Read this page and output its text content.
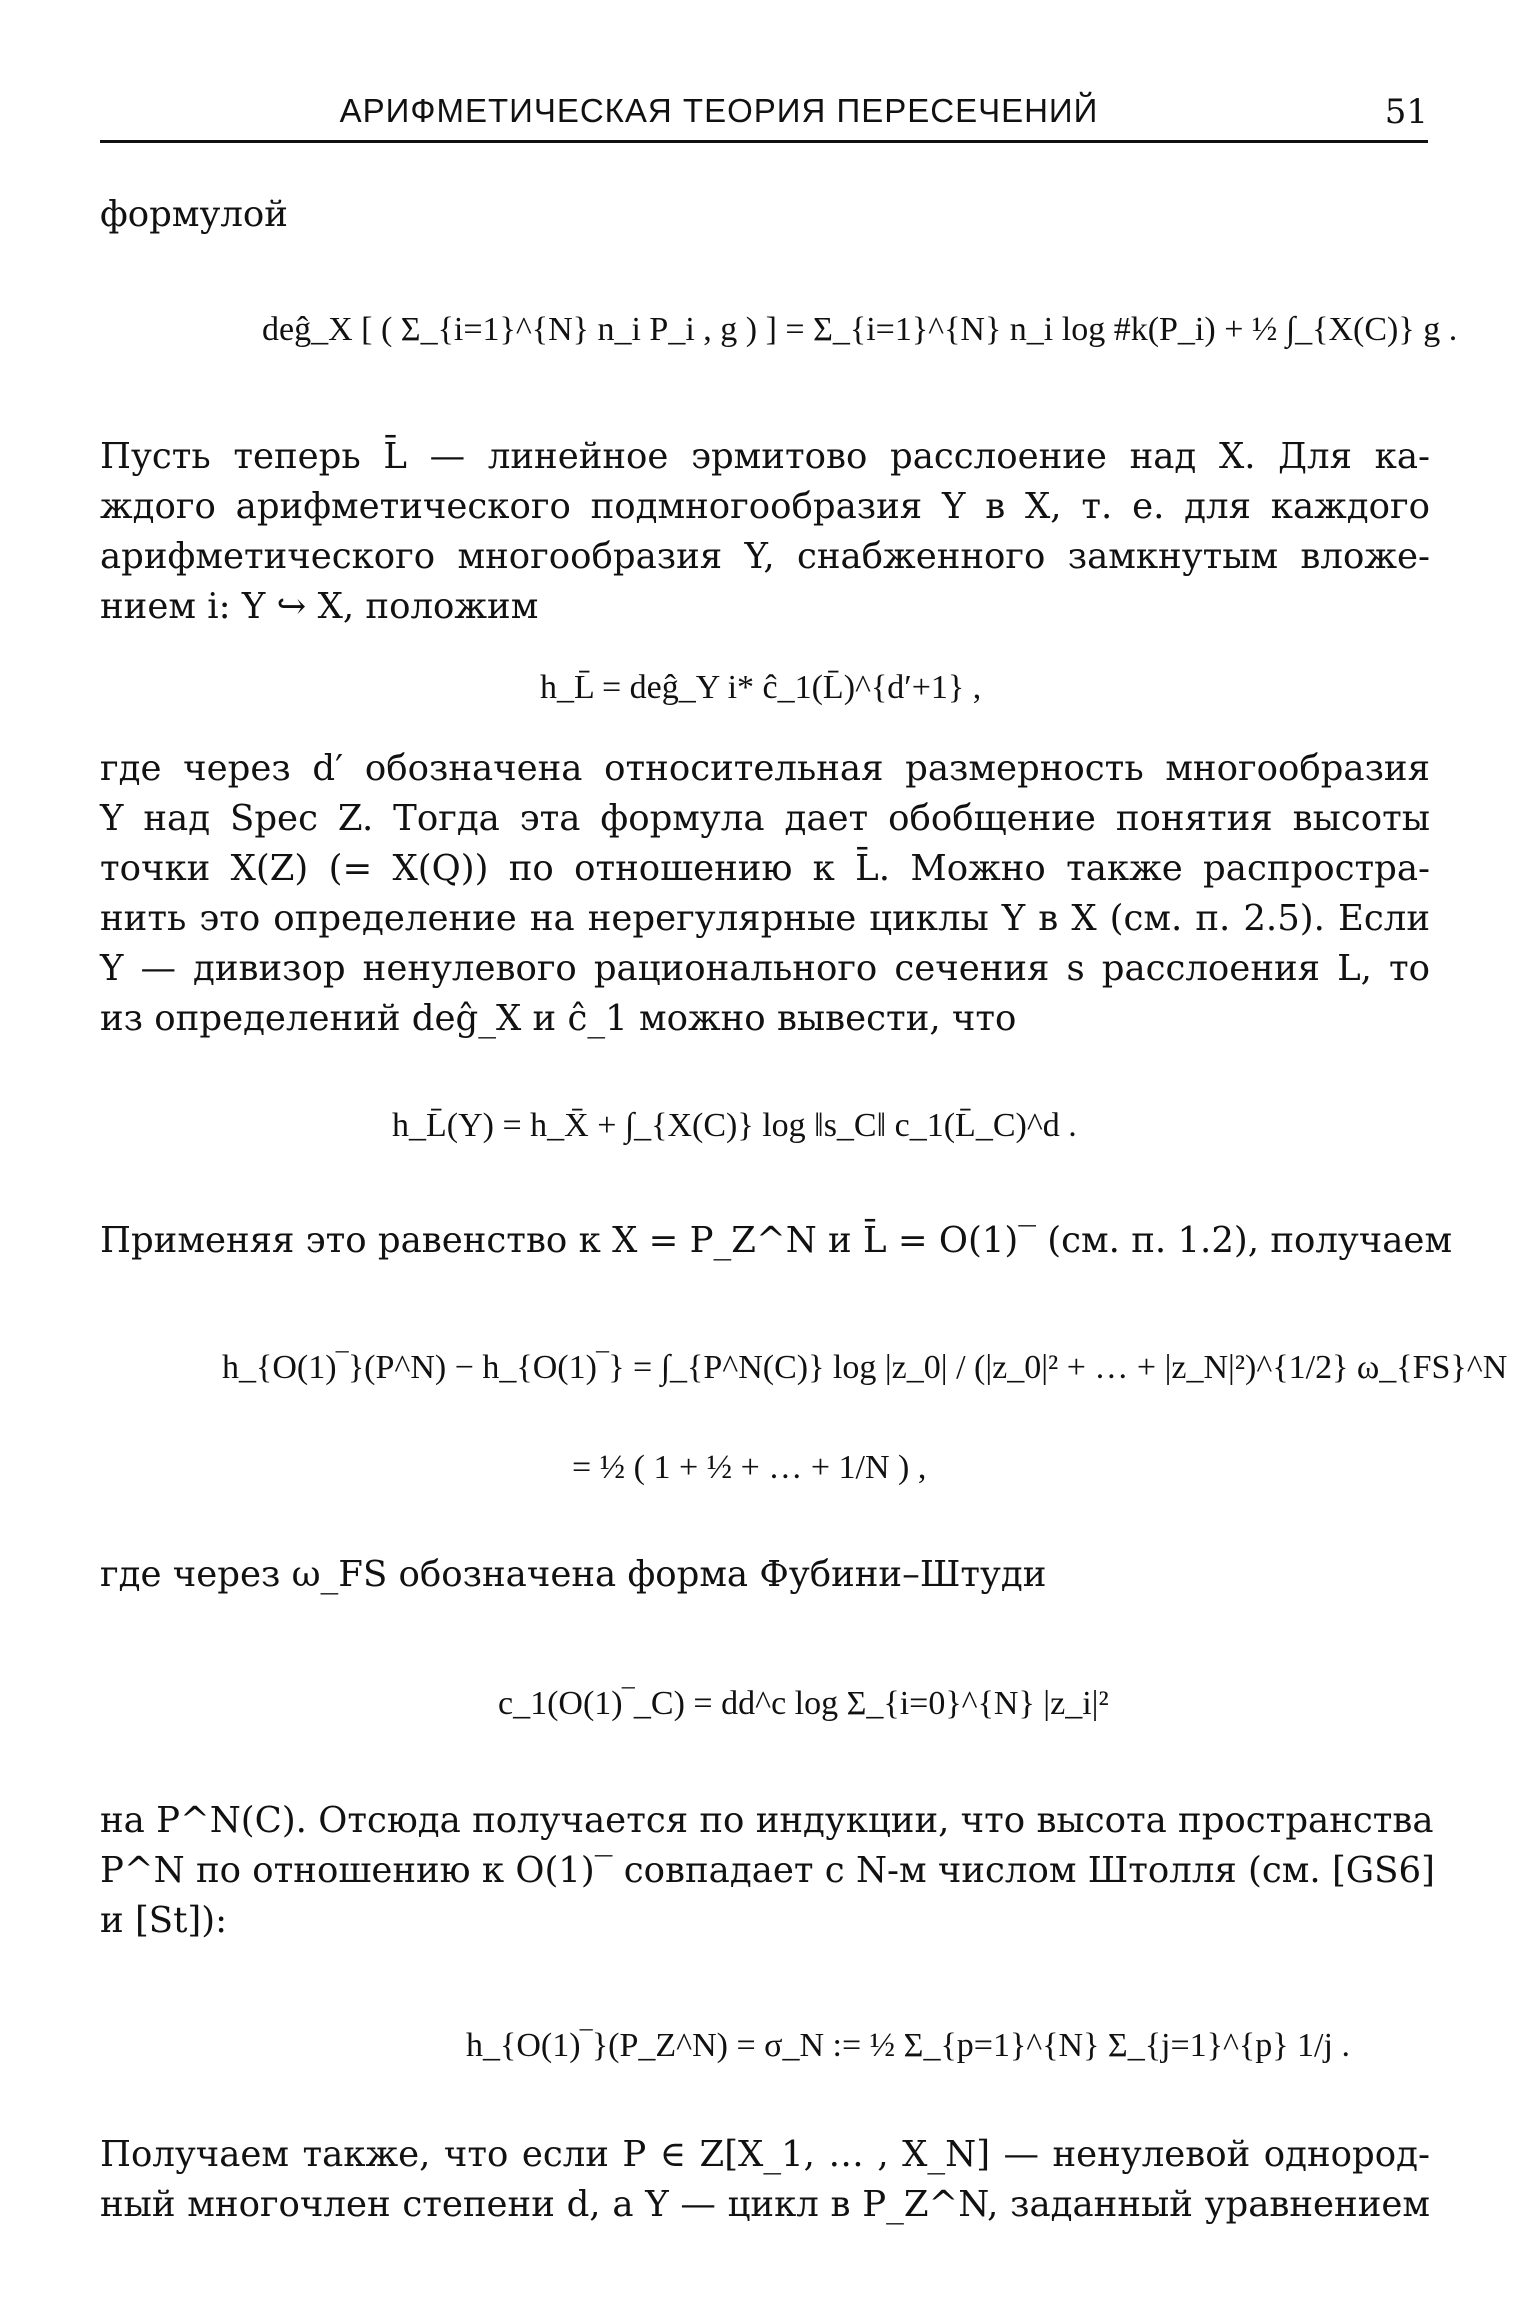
АРИФМЕТИЧЕСКАЯ ТЕОРИЯ ПЕРЕСЕЧЕНИЙ	51
формулой
deĝ_X [ ( Σ_{i=1}^{N} n_i P_i , g ) ] = Σ_{i=1}^{N} n_i log #k(P_i) + ½ ∫_{X(C)} g .
Пусть теперь L̄ — линейное эрмитово расслоение над X. Для ка-
ждого арифметического подмногообразия Y в X, т. е. для каждого
арифметического многообразия Y, снабженного замкнутым вложе-
нием i: Y ↪ X, положим
h_L̄ = deĝ_Y i* ĉ_1(L̄)^{d′+1} ,
где через d′ обозначена относительная размерность многообразия
Y над Spec Z. Тогда эта формула дает обобщение понятия высоты
точки X(Z) (= X(Q)) по отношению к L̄. Можно также распростра-
нить это определение на нерегулярные циклы Y в X (см. п. 2.5). Если
Y — дивизор ненулевого рационального сечения s расслоения L, то
из определений deĝ_X и ĉ_1 можно вывести, что
h_L̄(Y) = h_X̄ + ∫_{X(C)} log ‖s_C‖ c_1(L̄_C)^d .
Применяя это равенство к X = P_Z^N и L̄ = O(1)‾ (см. п. 1.2), получаем
h_{O(1)‾}(P^N) − h_{O(1)‾} = ∫_{P^N(C)} log |z_0| / (|z_0|² + … + |z_N|²)^{1/2} ω_{FS}^N
= ½ ( 1 + ½ + … + 1/N ) ,
где через ω_FS обозначена форма Фубини–Штуди
c_1(O(1)‾_C) = dd^c log Σ_{i=0}^{N} |z_i|²
на P^N(C). Отсюда получается по индукции, что высота пространства
P^N по отношению к O(1)‾ совпадает с N-м числом Штолля (см. [GS6]
и [St]):
h_{O(1)‾}(P_Z^N) = σ_N := ½ Σ_{p=1}^{N} Σ_{j=1}^{p} 1/j .
Получаем также, что если P ∈ Z[X_1, … , X_N] — ненулевой однород-
ный многочлен степени d, а Y — цикл в P_Z^N, заданный уравнением
